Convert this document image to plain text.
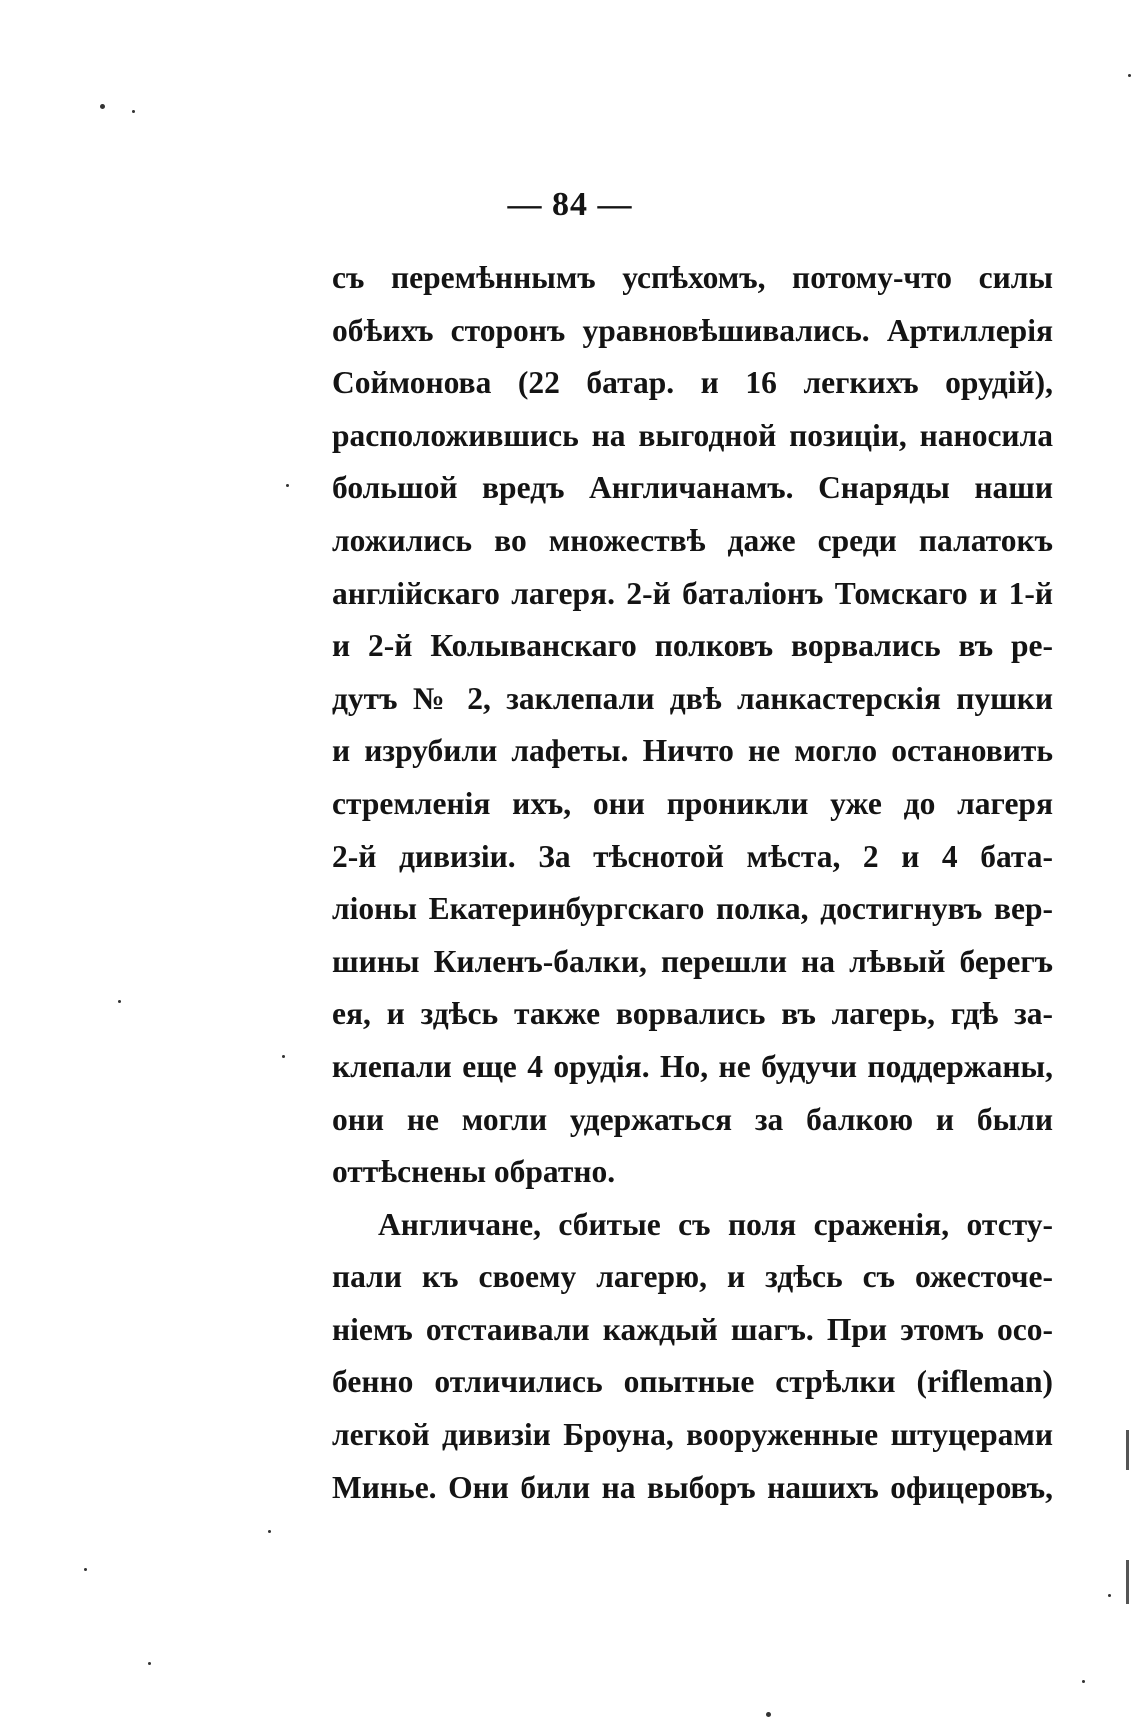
— 84 —
съ перемѣннымъ успѣхомъ, потому-что силы
обѣихъ сторонъ уравновѣшивались. Артиллерія
Соймонова (22 батар. и 16 легкихъ орудій),
расположившись на выгодной позиціи, наносила
большой вредъ Англичанамъ. Снаряды наши
ложились во множествѣ даже среди палатокъ
англійскаго лагеря. 2-й баталіонъ Томскаго и 1-й
и 2-й Колыванскаго полковъ ворвались въ ре-
дутъ № 2, заклепали двѣ ланкастерскія пушки
и изрубили лафеты. Ничто не могло остановить
стремленія ихъ, они проникли уже до лагеря
2-й дивизіи. За тѣснотой мѣста, 2 и 4 бата-
ліоны Екатеринбургскаго полка, достигнувъ вер-
шины Киленъ-балки, перешли на лѣвый берегъ
ея, и здѣсь также ворвались въ лагерь, гдѣ за-
клепали еще 4 орудія. Но, не будучи поддержаны,
они не могли удержаться за балкою и были
оттѣснены обратно.
Англичане, сбитые съ поля сраженія, отсту-
пали къ своему лагерю, и здѣсь съ ожесточе-
ніемъ отстаивали каждый шагъ. При этомъ осо-
бенно отличились опытные стрѣлки (rifleman)
легкой дивизіи Броуна, вооруженные штуцерами
Минье. Они били на выборъ нашихъ офицеровъ,
